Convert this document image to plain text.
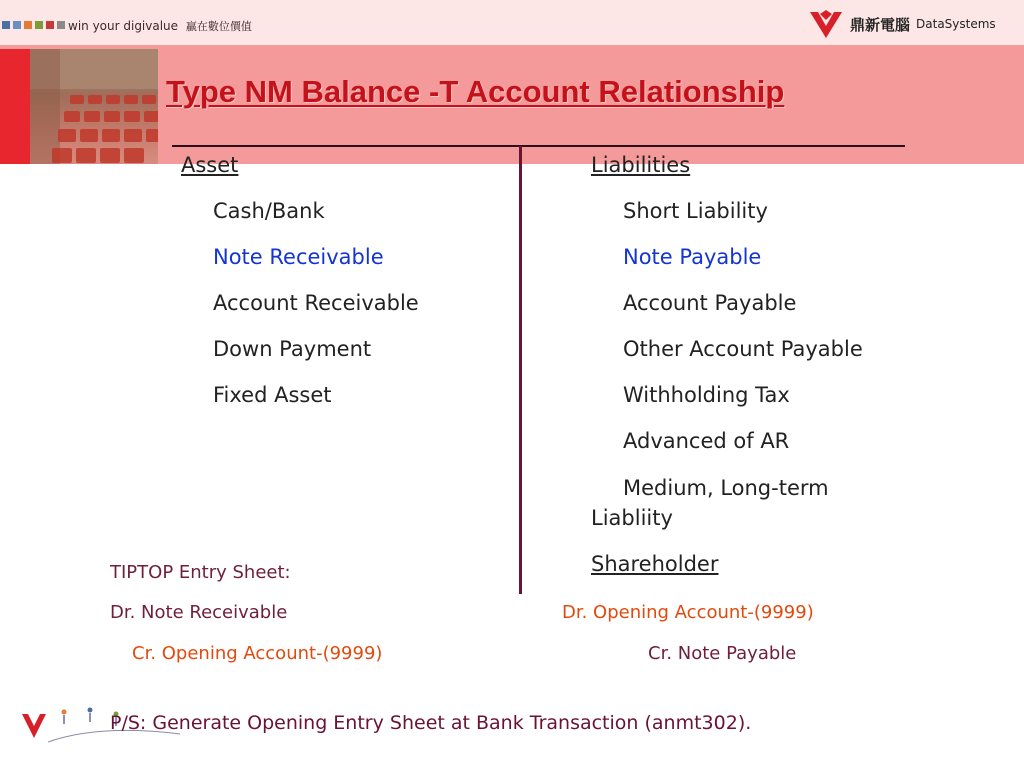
win your digivalue 贏在數位價值	鼎新電腦 DataSystems
Type NM Balance -T Account Relationship
Asset
Cash/Bank
Note Receivable
Account Receivable
Down Payment
Fixed Asset
Liabilities
Short Liability
Note Payable
Account Payable
Other Account Payable
Withholding Tax
Advanced of AR
Medium, Long-term
Liabliity
Shareholder
TIPTOP Entry Sheet:
Dr. Note Receivable
Cr. Opening Account-(9999)
Dr. Opening Account-(9999)
Cr. Note Payable
P/S: Generate Opening Entry Sheet at Bank Transaction (anmt302).
